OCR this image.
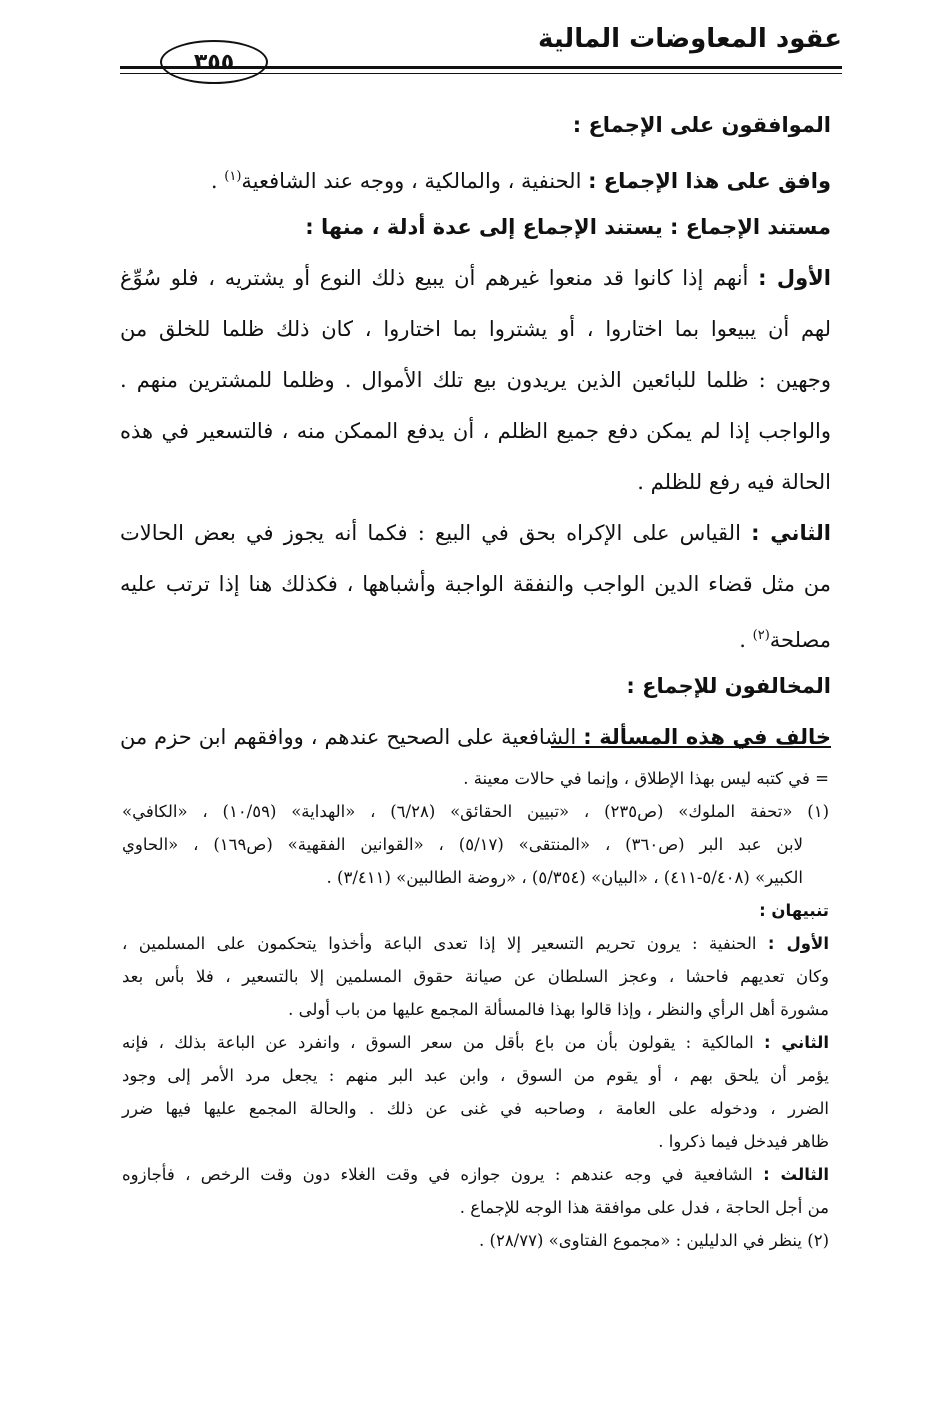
عقود المعاوضات المالية
٣٥٥
الموافقون على الإجماع :
وافق على هذا الإجماع : الحنفية ، والمالكية ، ووجه عند الشافعية$^{(١)}$ .
مستند الإجماع : يستند الإجماع إلى عدة أدلة ، منها :
الأول : أنهم إذا كانوا قد منعوا غيرهم أن يبيع ذلك النوع أو يشتريه ، فلو سُوِّغ
لهم أن يبيعوا بما اختاروا ، أو يشتروا بما اختاروا ، كان ذلك ظلما للخلق من
وجهين : ظلما للبائعين الذين يريدون بيع تلك الأموال . وظلما للمشترين منهم .
والواجب إذا لم يمكن دفع جميع الظلم ، أن يدفع الممكن منه ، فالتسعير في هذه
الحالة فيه رفع للظلم .
الثاني : القياس على الإكراه بحق في البيع : فكما أنه يجوز في بعض الحالات
من مثل قضاء الدين الواجب والنفقة الواجبة وأشباهها ، فكذلك هنا إذا ترتب عليه
مصلحة$^{(٢)}$ .
المخالفون للإجماع :
خالف في هذه المسألة : الشافعية على الصحيح عندهم ، ووافقهم ابن حزم من
= في كتبه ليس بهذا الإطلاق ، وإنما في حالات معينة .
(١) «تحفة الملوك» (ص٢٣٥) ، «تبيين الحقائق» (٦/٢٨) ، «الهداية» (١٠/٥٩) ، «الكافي»
لابن عبد البر (ص٣٦٠) ، «المنتقى» (٥/١٧) ، «القوانين الفقهية» (ص١٦٩) ، «الحاوي
الكبير» (٥/٤٠٨-٤١١) ، «البيان» (٥/٣٥٤) ، «روضة الطالبين» (٣/٤١١) .
تنبيهان :
الأول : الحنفية : يرون تحريم التسعير إلا إذا تعدى الباعة وأخذوا يتحكمون على المسلمين ،
وكان تعديهم فاحشا ، وعجز السلطان عن صيانة حقوق المسلمين إلا بالتسعير ، فلا بأس بعد
مشورة أهل الرأي والنظر ، وإذا قالوا بهذا فالمسألة المجمع عليها من باب أولى .
الثاني : المالكية : يقولون بأن من باع بأقل من سعر السوق ، وانفرد عن الباعة بذلك ، فإنه
يؤمر أن يلحق بهم ، أو يقوم من السوق ، وابن عبد البر منهم : يجعل مرد الأمر إلى وجود
الضرر ، ودخوله على العامة ، وصاحبه في غنى عن ذلك . والحالة المجمع عليها فيها ضرر
ظاهر فيدخل فيما ذكروا .
الثالث : الشافعية في وجه عندهم : يرون جوازه في وقت الغلاء دون وقت الرخص ، فأجازوه
من أجل الحاجة ، فدل على موافقة هذا الوجه للإجماع .
(٢) ينظر في الدليلين : «مجموع الفتاوى» (٢٨/٧٧) .
